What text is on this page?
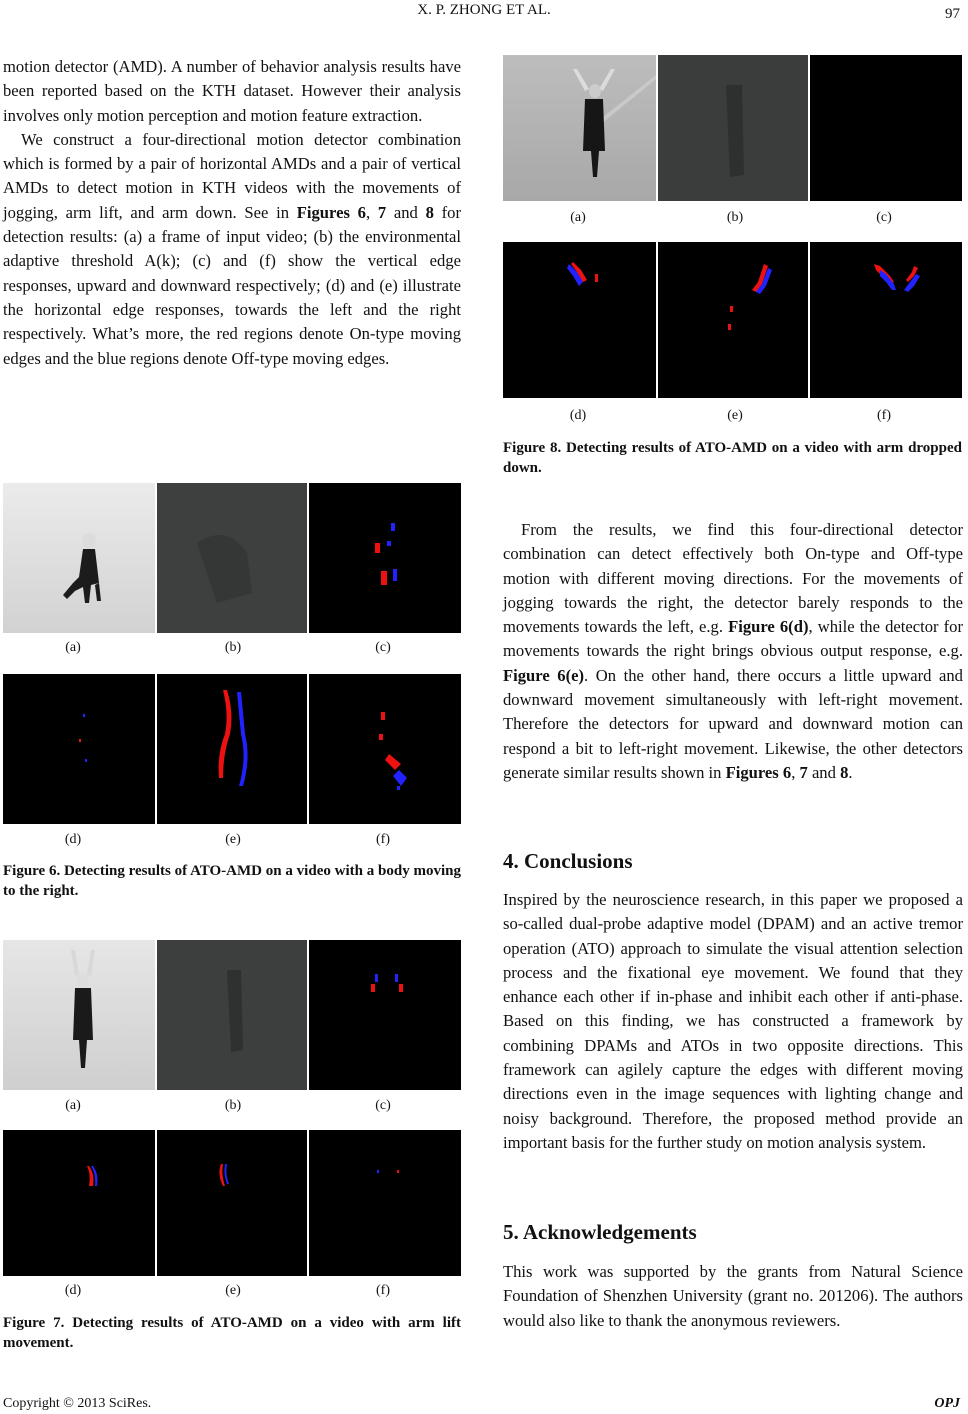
X. P. ZHONG ET AL.	97

motion detector (AMD). A number of behavior analysis results have been reported based on the KTH dataset. However their analysis involves only motion perception and motion feature extraction.

We construct a four-directional motion detector combination which is formed by a pair of horizontal AMDs and a pair of vertical AMDs to detect motion in KTH videos with the movements of jogging, arm lift, and arm down. See in Figures 6, 7 and 8 for detection results: (a) a frame of input video; (b) the environmental adaptive threshold A(k); (c) and (f) show the vertical edge responses, upward and downward respectively; (d) and (e) illustrate the horizontal edge responses, towards the left and the right respectively. What’s more, the red regions denote On-type moving edges and the blue regions denote Off-type moving edges.

(a)	(b)	(c)
(d)	(e)	(f)
Figure 6. Detecting results of ATO-AMD on a video with a body moving to the right.
(a)	(b)	(c)
(d)	(e)	(f)
Figure 7. Detecting results of ATO-AMD on a video with arm lift movement.
(a)	(b)	(c)
(d)	(e)	(f)
Figure 8. Detecting results of ATO-AMD on a video with arm dropped down.

From the results, we find this four-directional detector combination can detect effectively both On-type and Off-type motion with different moving directions. For the movements of jogging towards the right, the detector barely responds to the movements towards the left, e.g. Figure 6(d), while the detector for movements towards the right brings obvious output response, e.g. Figure 6(e). On the other hand, there occurs a little upward and downward movement simultaneously with left-right movement. Therefore the detectors for upward and downward motion can respond a bit to left-right movement. Likewise, the other detectors generate similar results shown in Figures 6, 7 and 8.

4. Conclusions

Inspired by the neuroscience research, in this paper we proposed a so-called dual-probe adaptive model (DPAM) and an active tremor operation (ATO) approach to simulate the visual attention selection process and the fixational eye movement. We found that they enhance each other if in-phase and inhibit each other if anti-phase. Based on this finding, we has constructed a framework by combining DPAMs and ATOs in two opposite directions. This framework can agilely capture the edges with different moving directions even in the image sequences with lighting change and noisy background. Therefore, the proposed method provide an important basis for the further study on motion analysis system.

5. Acknowledgements

This work was supported by the grants from Natural Science Foundation of Shenzhen University (grant no. 201206). The authors would also like to thank the anonymous reviewers.

Copyright © 2013 SciRes.	OPJ
